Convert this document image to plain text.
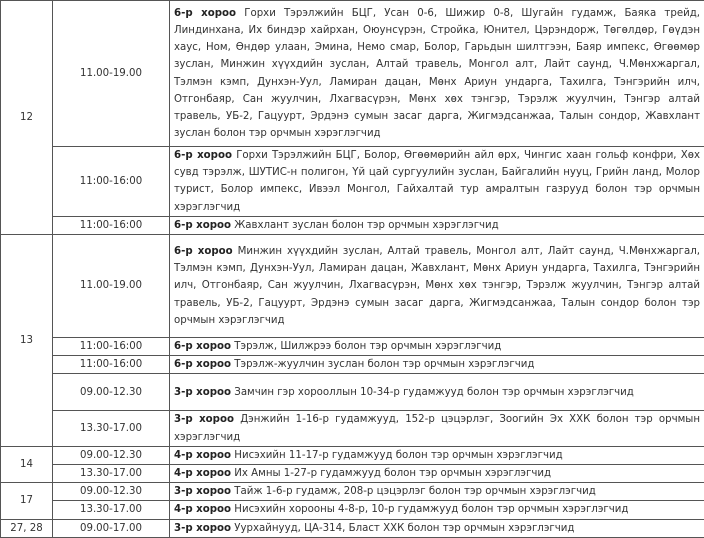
12	11.00-19.00	6-р хороо Горхи Тэрэлжийн БЦГ, Усан 0-6, Шижир 0-8, Шугайн гудамж, Баяка трейд, Линдинхана, Их биндэр хайрхан, Оюунсүрэн, Стройка, Юнител, Цэрэндорж, Төгөлдөр, Гөүдэн хаус, Ном, Өндөр улаан, Эмина, Немо смар, Болор, Гарьдын шилтгээн, Баяр импекс, Өгөөмөр зуслан, Минжин хүүхдийн зуслан, Алтай травель, Монгол алт, Лайт саунд, Ч.Мөнхжаргал, Тэлмэн кэмп, Дунхэн-Уул, Ламиран дацан, Мөнх Ариун ундарга, Тахилга, Тэнгэрийн илч, Отгонбаяр, Сан жуулчин, Лхагвасүрэн, Мөнх хөх тэнгэр, Тэрэлж жуулчин, Тэнгэр алтай травель, УБ-2, Гацуурт, Эрдэнэ сумын засаг дарга, Жигмэдсанжаа, Талын сондор, Жавхлант зуслан болон тэр орчмын хэрэглэгчид
	11:00-16:00	6-р хороо Горхи Тэрэлжийн БЦГ, Болор, Өгөөмөрийн айл өрх, Чингис хаан гольф конфри, Хөх сувд тэрэлж, ШУТИС-н полигон, Үй цай сургуулийн зуслан, Байгалийн нууц, Грийн ланд, Молор турист, Болор импекс, Ивээл Монгол, Гайхалтай тур амралтын газрууд болон тэр орчмын хэрэглэгчид
	11:00-16:00	6-р хороо Жавхлант зуслан болон тэр орчмын хэрэглэгчид
13	11.00-19.00	6-р хороо Минжин хүүхдийн зуслан, Алтай травель, Монгол алт, Лайт саунд, Ч.Мөнхжаргал, Тэлмэн кэмп, Дунхэн-Уул, Ламиран дацан, Жавхлант, Мөнх Ариун ундарга, Тахилга, Тэнгэрийн илч, Отгонбаяр, Сан жуулчин, Лхагвасүрэн, Мөнх хөх тэнгэр, Тэрэлж жуулчин, Тэнгэр алтай травель, УБ-2, Гацуурт, Эрдэнэ сумын засаг дарга, Жигмэдсанжаа, Талын сондор болон тэр орчмын хэрэглэгчид
	11:00-16:00	6-р хороо Тэрэлж, Шилжрээ болон тэр орчмын хэрэглэгчид
	11:00-16:00	6-р хороо Тэрэлж-жуулчин зуслан болон тэр орчмын хэрэглэгчид
	09.00-12.30	3-р хороо Замчин гэр хорооллын 10-34-р гудамжууд болон тэр орчмын хэрэглэгчид
	13.30-17.00	3-р хороо Дэнжийн 1-16-р гудамжууд, 152-р цэцэрлэг, Зоогийн Эх ХХК болон тэр орчмын хэрэглэгчид
14	09.00-12.30	4-р хороо Нисэхийн 11-17-р гудамжууд болон тэр орчмын хэрэглэгчид
	13.30-17.00	4-р хороо Их Амны 1-27-р гудамжууд болон тэр орчмын хэрэглэгчид
17	09.00-12.30	3-р хороо Тайж 1-6-р гудамж, 208-р цэцэрлэг болон тэр орчмын хэрэглэгчид
	13.30-17.00	4-р хороо Нисэхийн хорооны 4-8-р, 10-р гудамжууд болон тэр орчмын хэрэглэгчид
27, 28	09.00-17.00	3-р хороо Уурхайнууд, ЦА-314, Бласт ХХК болон тэр орчмын хэрэглэгчид
